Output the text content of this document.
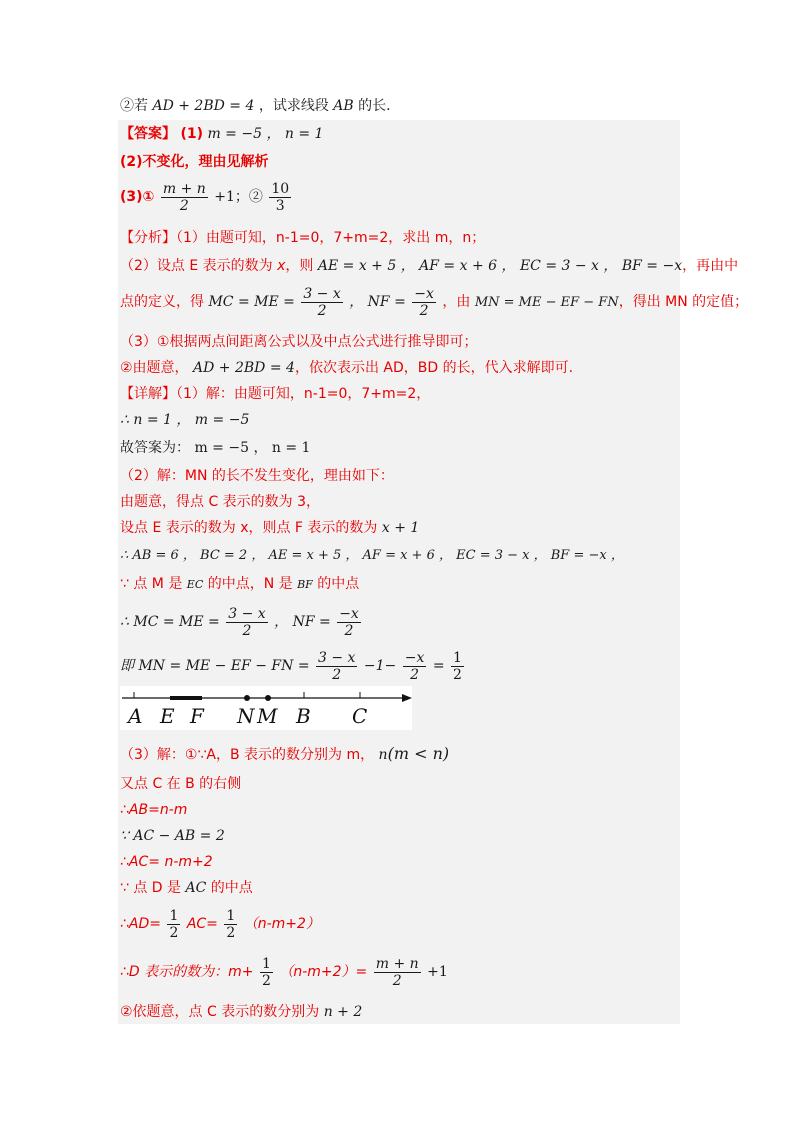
②若 AD + 2BD = 4 ，试求线段 AB 的长.
【答案】 (1) m = −5 ， n = 1
(2)不变化，理由见解析
(3)① $\frac{m + n}{2} +1$；② $\frac{10}{3}$
【分析】（1）由题可知，n-1=0，7+m=2，求出 m，n；
（2）设点 E 表示的数为 x，则 AE = x + 5 ， AF = x + 6 ， EC = 3 − x ， BF = −x，再由中
点的定义，得 MC = ME = $\frac{3 - x}{2}$ ， NF = $\frac{-x}{2}$ ，由 MN = ME − EF − FN，得出 MN 的定值；
（3）①根据两点间距离公式以及中点公式进行推导即可；
②由题意， AD + 2BD = 4，依次表示出 AD，BD 的长，代入求解即可.
【详解】（1）解：由题可知，n-1=0，7+m=2，
∴ n = 1 ， m = −5
故答案为： m = −5 ， n = 1
（2）解：MN 的长不发生变化，理由如下：
由题意，得点 C 表示的数为 3，
设点 E 表示的数为 x，则点 F 表示的数为 x + 1
∴ AB = 6 ， BC = 2 ， AE = x + 5 ， AF = x + 6 ， EC = 3 − x ， BF = −x ，
∵ 点 M 是 EC 的中点，N 是 BF 的中点
∴ MC = ME = $\frac{3 - x}{2}$ ， NF = $\frac{-x}{2}$
即 MN = ME − EF − FN = $\frac{3 - x}{2} -1- \frac{-x}{2} = \frac{1}{2}$
A E F N M B C
（3）解：①∵A，B 表示的数分别为 m， n(m < n)
又点 C 在 B 的右侧
∴AB=n-m
∵ AC − AB = 2
∴AC= n-m+2
∵ 点 D 是 AC 的中点
∴AD= $\frac{1}{2} AC= \frac{1}{2} (n-m+2)$
∴D 表示的数为：$m+ \frac{1}{2} (n-m+2)= \frac{m + n}{2} +1$
②依题意，点 C 表示的数分别为 n + 2
